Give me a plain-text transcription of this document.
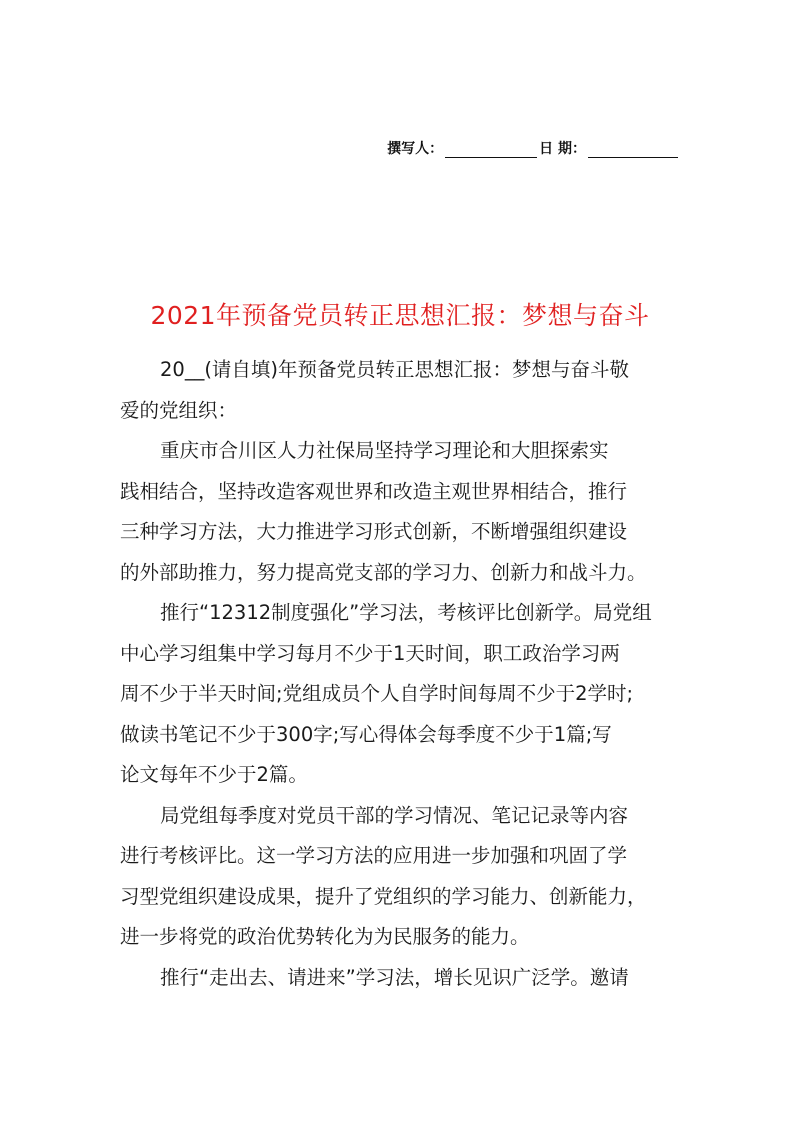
撰写人：	日 期：
2021年预备党员转正思想汇报：梦想与奋斗
20__(请自填)年预备党员转正思想汇报：梦想与奋斗敬
爱的党组织：
重庆市合川区人力社保局坚持学习理论和大胆探索实
践相结合，坚持改造客观世界和改造主观世界相结合，推行
三种学习方法，大力推进学习形式创新，不断增强组织建设
的外部助推力，努力提高党支部的学习力、创新力和战斗力。
推行“12312制度强化”学习法，考核评比创新学。局党组
中心学习组集中学习每月不少于1天时间，职工政治学习两
周不少于半天时间;党组成员个人自学时间每周不少于2学时;
做读书笔记不少于300字;写心得体会每季度不少于1篇;写
论文每年不少于2篇。
局党组每季度对党员干部的学习情况、笔记记录等内容
进行考核评比。这一学习方法的应用进一步加强和巩固了学
习型党组织建设成果，提升了党组织的学习能力、创新能力，
进一步将党的政治优势转化为为民服务的能力。
推行“走出去、请进来”学习法，增长见识广泛学。邀请
